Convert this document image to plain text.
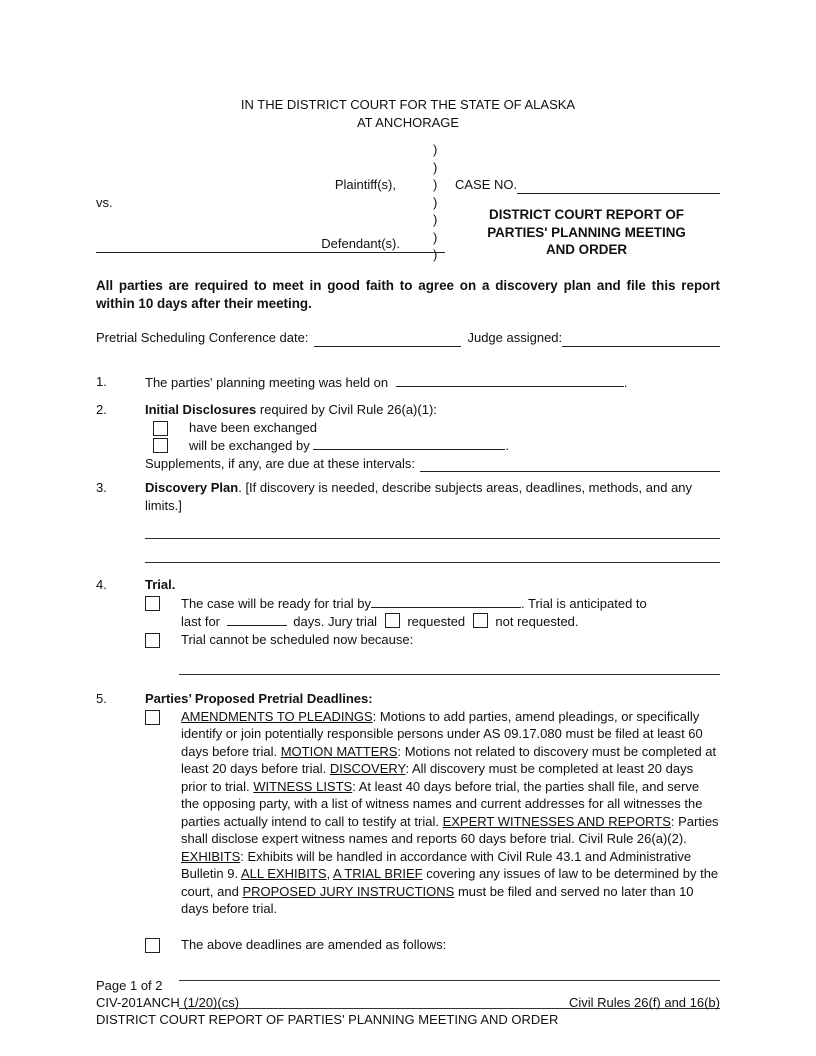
IN THE DISTRICT COURT FOR THE STATE OF ALASKA
AT ANCHORAGE
)
)
)
)
)
)
)
Plaintiff(s),
vs.
Defendant(s).
CASE NO.
DISTRICT COURT REPORT OF
PARTIES' PLANNING MEETING
AND ORDER
All parties are required to meet in good faith to agree on a discovery plan and file this report within 10 days after their meeting.
Pretrial Scheduling Conference date:	Judge assigned:
1.	The parties' planning meeting was held on	.
2.	Initial Disclosures required by Civil Rule 26(a)(1):
have been exchanged
will be exchanged by	.
Supplements, if any, are due at these intervals:
3.	Discovery Plan. [If discovery is needed, describe subjects areas, deadlines, methods, and any limits.]
4.	Trial.
The case will be ready for trial by	. Trial is anticipated to
last for	days. Jury trial requested not requested.
Trial cannot be scheduled now because:
5.	Parties’ Proposed Pretrial Deadlines:
AMENDMENTS TO PLEADINGS: Motions to add parties, amend pleadings, or specifically identify or join potentially responsible persons under AS 09.17.080 must be filed at least 60 days before trial. MOTION MATTERS: Motions not related to discovery must be completed at least 20 days before trial. DISCOVERY: All discovery must be completed at least 20 days prior to trial. WITNESS LISTS: At least 40 days before trial, the parties shall file, and serve the opposing party, with a list of witness names and current addresses for all witnesses the parties actually intend to call to testify at trial. EXPERT WITNESSES AND REPORTS: Parties shall disclose expert witness names and reports 60 days before trial. Civil Rule 26(a)(2). EXHIBITS: Exhibits will be handled in accordance with Civil Rule 43.1 and Administrative Bulletin 9. ALL EXHIBITS, A TRIAL BRIEF covering any issues of law to be determined by the court, and PROPOSED JURY INSTRUCTIONS must be filed and served no later than 10 days before trial.
The above deadlines are amended as follows:
Page 1 of 2
CIV-201ANCH (1/20)(cs)	Civil Rules 26(f) and 16(b)
DISTRICT COURT REPORT OF PARTIES' PLANNING MEETING AND ORDER
